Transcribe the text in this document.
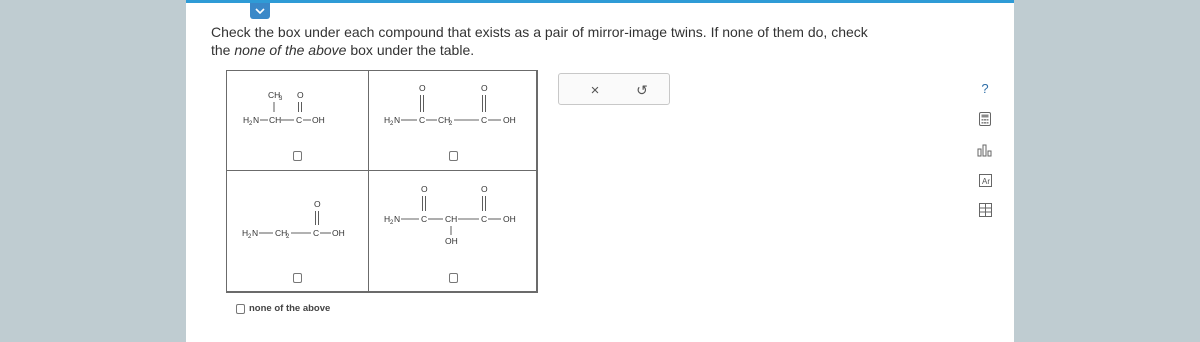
Check the box under each compound that exists as a pair of mirror-image twins. If none of them do, check
the none of the above box under the table.
CH
3 O
H 2 N CH C OH
O	O
H 2 N C CH
2	C OH
O
H 2 N CH
2	C OH
O	O
H 2 N C CH	C OH
OH
none of the above
×	↺	?
Ar
